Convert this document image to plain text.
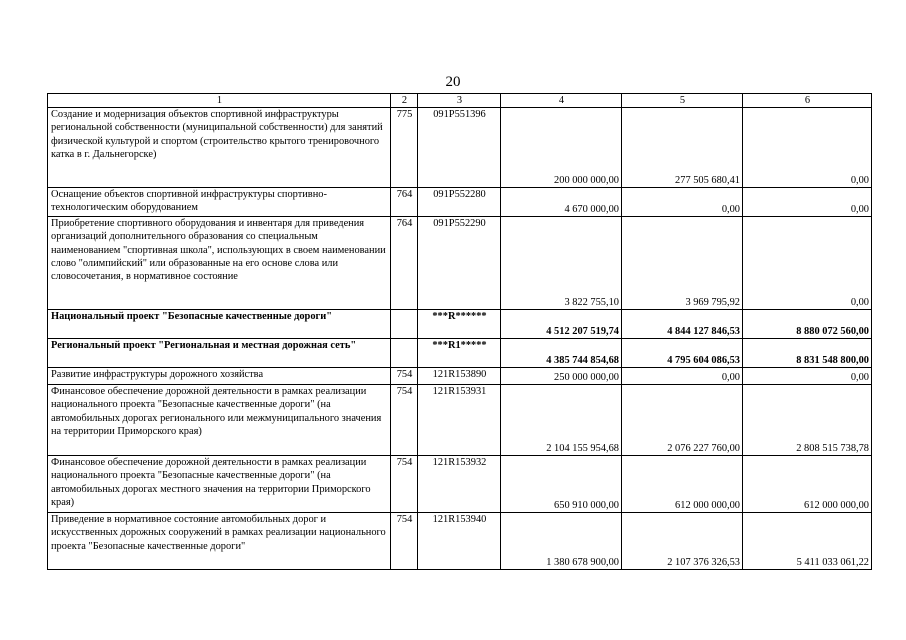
20
1	2	3	4	5	6
Создание и модернизация объектов спортивной инфраструктуры региональной собственности (муниципальной собственности) для занятий физической культурой и спортом (строительство крытого тренировочного катка в г. Дальнегорске)	775	091P551396	200 000 000,00	277 505 680,41	0,00
Оснащение объектов спортивной инфраструктуры спортивно-технологическим оборудованием	764	091P552280	4 670 000,00	0,00	0,00
Приобретение спортивного оборудования и инвентаря для приведения организаций дополнительного образования со специальным наименованием "спортивная школа", использующих в своем наименовании слово "олимпийский" или образованные на его основе слова или словосочетания, в нормативное состояние	764	091P552290	3 822 755,10	3 969 795,92	0,00
Национальный проект "Безопасные качественные дороги"		***R******	4 512 207 519,74	4 844 127 846,53	8 880 072 560,00
Региональный проект "Региональная и местная дорожная сеть"		***R1*****	4 385 744 854,68	4 795 604 086,53	8 831 548 800,00
Развитие инфраструктуры дорожного хозяйства	754	121R153890	250 000 000,00	0,00	0,00
Финансовое обеспечение дорожной деятельности в рамках реализации национального проекта "Безопасные качественные дороги" (на автомобильных дорогах регионального или межмуниципального значения на территории Приморского края)	754	121R153931	2 104 155 954,68	2 076 227 760,00	2 808 515 738,78
Финансовое обеспечение дорожной деятельности в рамках реализации национального проекта "Безопасные качественные дороги" (на автомобильных дорогах местного значения на территории Приморского края)	754	121R153932	650 910 000,00	612 000 000,00	612 000 000,00
Приведение в нормативное состояние автомобильных дорог и искусственных дорожных сооружений в рамках реализации национального проекта "Безопасные качественные дороги"	754	121R153940	1 380 678 900,00	2 107 376 326,53	5 411 033 061,22
